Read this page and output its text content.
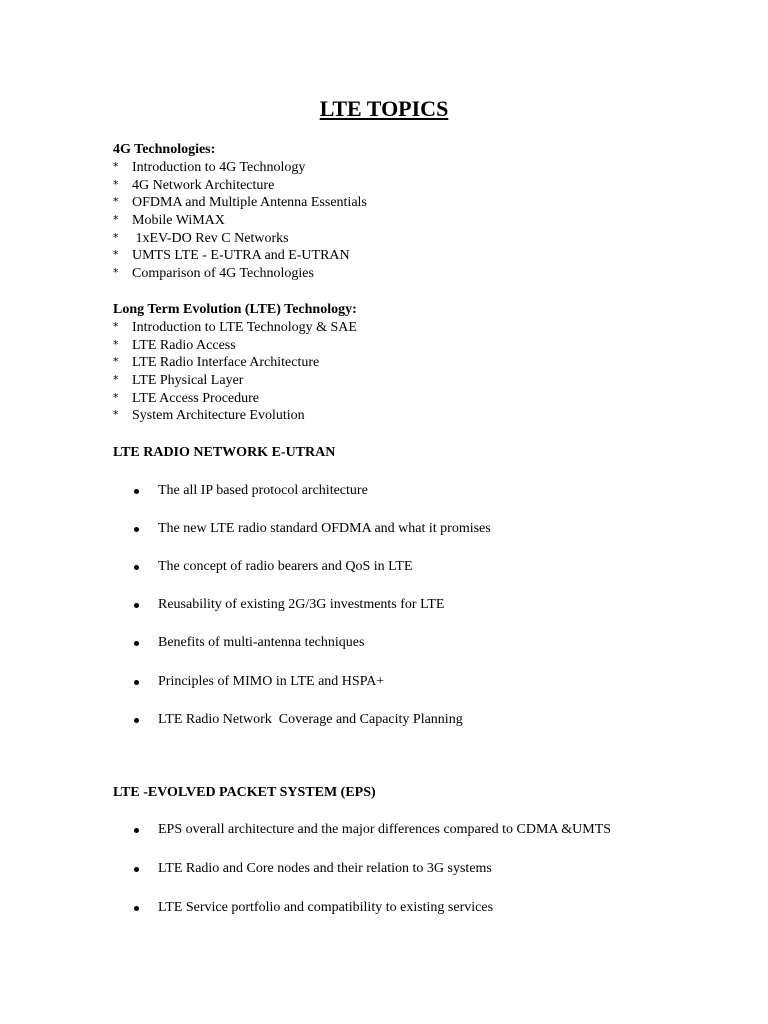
LTE TOPICS
4G Technologies:
* Introduction to 4G Technology
* 4G Network Architecture
* OFDMA and Multiple Antenna Essentials
* Mobile WiMAX
* 1xEV-DO Rev C Networks
* UMTS LTE - E-UTRA and E-UTRAN
* Comparison of 4G Technologies
Long Term Evolution (LTE) Technology:
* Introduction to LTE Technology & SAE
* LTE Radio Access
* LTE Radio Interface Architecture
* LTE Physical Layer
* LTE Access Procedure
* System Architecture Evolution
LTE RADIO NETWORK E-UTRAN
The all IP based protocol architecture
The new LTE radio standard OFDMA and what it promises
The concept of radio bearers and QoS in LTE
Reusability of existing 2G/3G investments for LTE
Benefits of multi-antenna techniques
Principles of MIMO in LTE and HSPA+
LTE Radio Network  Coverage and Capacity Planning
LTE -EVOLVED PACKET SYSTEM (EPS)
EPS overall architecture and the major differences compared to CDMA &UMTS
LTE Radio and Core nodes and their relation to 3G systems
LTE Service portfolio and compatibility to existing services
